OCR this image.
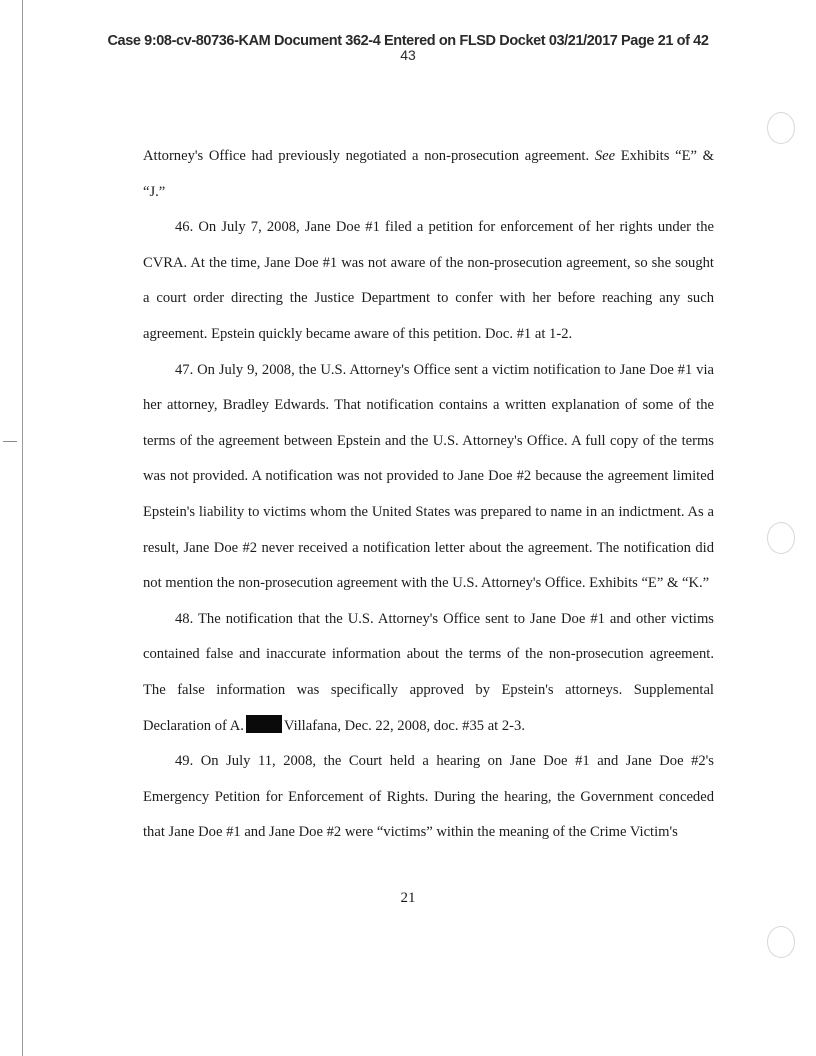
Case 9:08-cv-80736-KAM Document 362-4 Entered on FLSD Docket 03/21/2017 Page 21 of 42
43

Attorney's Office had previously negotiated a non-prosecution agreement. See Exhibits “E” & “J.”

46. On July 7, 2008, Jane Doe #1 filed a petition for enforcement of her rights under the CVRA. At the time, Jane Doe #1 was not aware of the non-prosecution agreement, so she sought a court order directing the Justice Department to confer with her before reaching any such agreement. Epstein quickly became aware of this petition. Doc. #1 at 1-2.

47. On July 9, 2008, the U.S. Attorney's Office sent a victim notification to Jane Doe #1 via her attorney, Bradley Edwards. That notification contains a written explanation of some of the terms of the agreement between Epstein and the U.S. Attorney's Office. A full copy of the terms was not provided. A notification was not provided to Jane Doe #2 because the agreement limited Epstein's liability to victims whom the United States was prepared to name in an indictment. As a result, Jane Doe #2 never received a notification letter about the agreement. The notification did not mention the non-prosecution agreement with the U.S. Attorney's Office. Exhibits “E” & “K.”

48. The notification that the U.S. Attorney's Office sent to Jane Doe #1 and other victims contained false and inaccurate information about the terms of the non-prosecution agreement. The false information was specifically approved by Epstein's attorneys. Supplemental Declaration of A.	Villafana, Dec. 22, 2008, doc. #35 at 2-3.

49. On July 11, 2008, the Court held a hearing on Jane Doe #1 and Jane Doe #2's Emergency Petition for Enforcement of Rights. During the hearing, the Government conceded that Jane Doe #1 and Jane Doe #2 were “victims” within the meaning of the Crime Victim's

21
